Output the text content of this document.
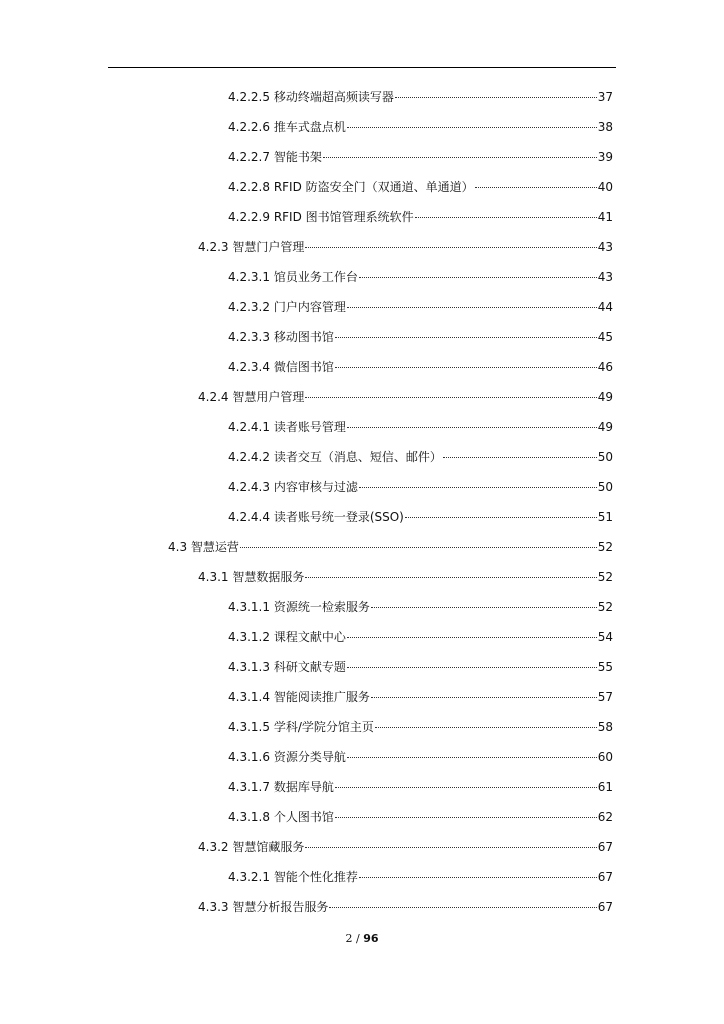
4.2.2.5 移动终端超高频读写器	37
4.2.2.6 推车式盘点机	38
4.2.2.7 智能书架	39
4.2.2.8 RFID 防盗安全门（双通道、单通道）	40
4.2.2.9 RFID 图书馆管理系统软件	41
4.2.3 智慧门户管理	43
4.2.3.1 馆员业务工作台	43
4.2.3.2 门户内容管理	44
4.2.3.3 移动图书馆	45
4.2.3.4 微信图书馆	46
4.2.4 智慧用户管理	49
4.2.4.1 读者账号管理	49
4.2.4.2 读者交互（消息、短信、邮件）	50
4.2.4.3 内容审核与过滤	50
4.2.4.4 读者账号统一登录(SSO)	51
4.3 智慧运营	52
4.3.1 智慧数据服务	52
4.3.1.1 资源统一检索服务	52
4.3.1.2 课程文献中心	54
4.3.1.3 科研文献专题	55
4.3.1.4 智能阅读推广服务	57
4.3.1.5 学科/学院分馆主页	58
4.3.1.6 资源分类导航	60
4.3.1.7 数据库导航	61
4.3.1.8 个人图书馆	62
4.3.2 智慧馆藏服务	67
4.3.2.1 智能个性化推荐	67
4.3.3 智慧分析报告服务	67
2 / 96
